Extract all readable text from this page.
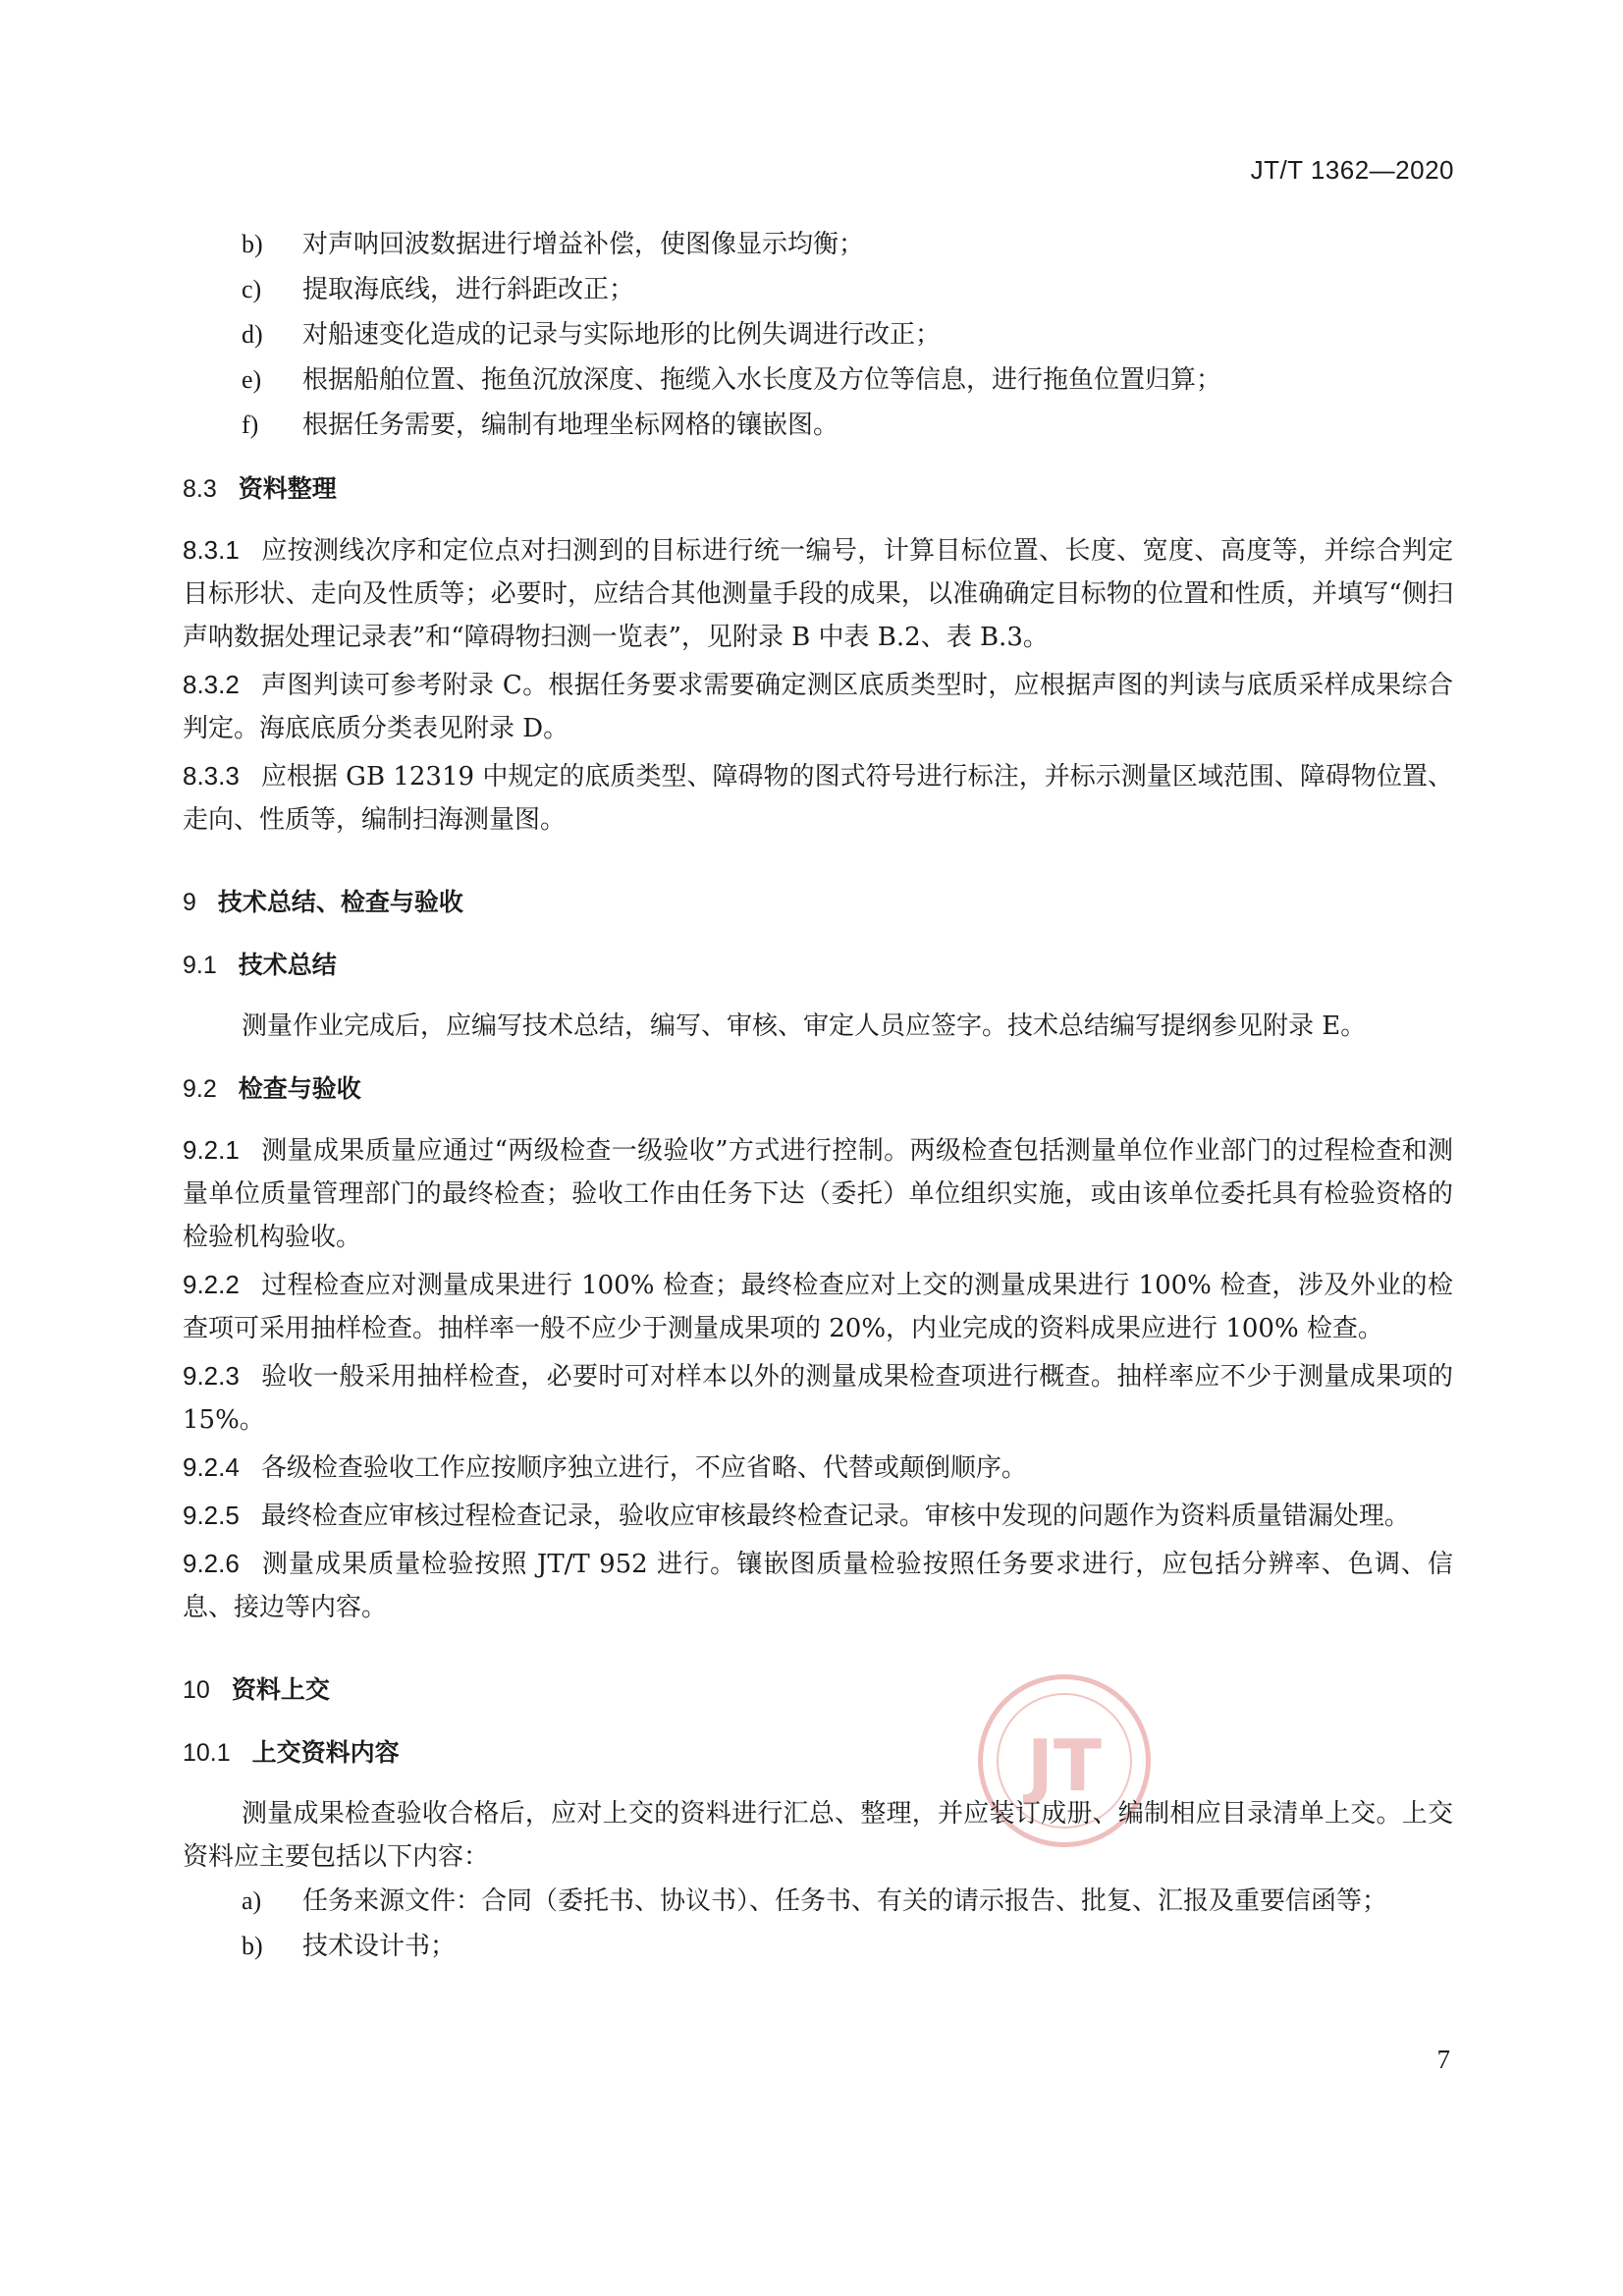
JT/T 1362—2020
JT
b)	对声呐回波数据进行增益补偿，使图像显示均衡；
c)	提取海底线，进行斜距改正；
d)	对船速变化造成的记录与实际地形的比例失调进行改正；
e)	根据船舶位置、拖鱼沉放深度、拖缆入水长度及方位等信息，进行拖鱼位置归算；
f)	根据任务需要，编制有地理坐标网格的镶嵌图。
8.3 资料整理

8.3.1 应按测线次序和定位点对扫测到的目标进行统一编号，计算目标位置、长度、宽度、高度等，并综合判定目标形状、走向及性质等；必要时，应结合其他测量手段的成果，以准确确定目标物的位置和性质，并填写“侧扫声呐数据处理记录表”和“障碍物扫测一览表”，见附录 B 中表 B.2、表 B.3。

8.3.2 声图判读可参考附录 C。根据任务要求需要确定测区底质类型时，应根据声图的判读与底质采样成果综合判定。海底底质分类表见附录 D。

8.3.3 应根据 GB 12319 中规定的底质类型、障碍物的图式符号进行标注，并标示测量区域范围、障碍物位置、走向、性质等，编制扫海测量图。

9 技术总结、检查与验收
9.1 技术总结

测量作业完成后，应编写技术总结，编写、审核、审定人员应签字。技术总结编写提纲参见附录 E。

9.2 检查与验收

9.2.1 测量成果质量应通过“两级检查一级验收”方式进行控制。两级检查包括测量单位作业部门的过程检查和测量单位质量管理部门的最终检查；验收工作由任务下达（委托）单位组织实施，或由该单位委托具有检验资格的检验机构验收。

9.2.2 过程检查应对测量成果进行 100% 检查；最终检查应对上交的测量成果进行 100% 检查，涉及外业的检查项可采用抽样检查。抽样率一般不应少于测量成果项的 20%，内业完成的资料成果应进行 100% 检查。

9.2.3 验收一般采用抽样检查，必要时可对样本以外的测量成果检查项进行概查。抽样率应不少于测量成果项的 15%。

9.2.4 各级检查验收工作应按顺序独立进行，不应省略、代替或颠倒顺序。

9.2.5 最终检查应审核过程检查记录，验收应审核最终检查记录。审核中发现的问题作为资料质量错漏处理。

9.2.6 测量成果质量检验按照 JT/T 952 进行。镶嵌图质量检验按照任务要求进行，应包括分辨率、色调、信息、接边等内容。

10 资料上交
10.1 上交资料内容

测量成果检查验收合格后，应对上交的资料进行汇总、整理，并应装订成册、编制相应目录清单上交。上交资料应主要包括以下内容：

a)	任务来源文件：合同（委托书、协议书）、任务书、有关的请示报告、批复、汇报及重要信函等；
b)	技术设计书；
7
